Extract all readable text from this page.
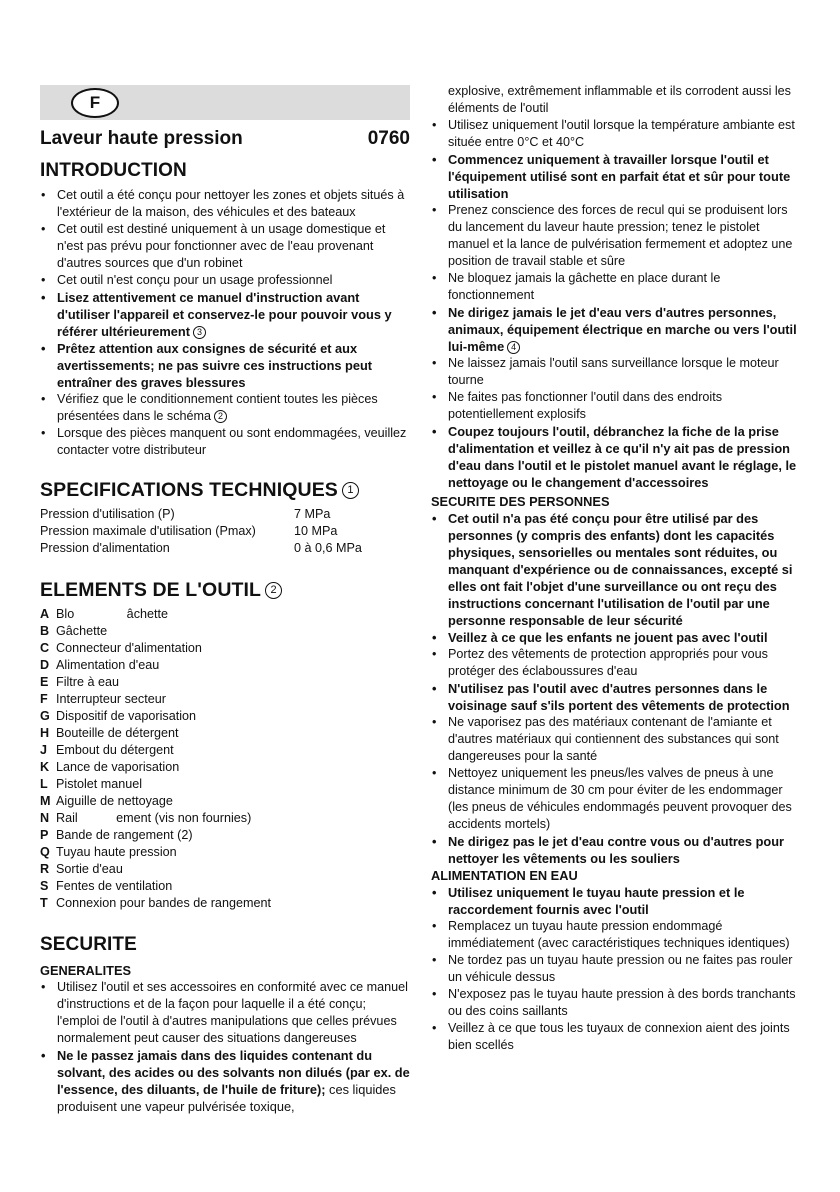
F
Laveur haute pression	0760
INTRODUCTION
• Cet outil a été conçu pour nettoyer les zones et objets situés à l'extérieur de la maison, des véhicules et des bateaux
• Cet outil est destiné uniquement à un usage domestique et n'est pas prévu pour fonctionner avec de l'eau provenant d'autres sources que d'un robinet
• Cet outil n'est conçu pour un usage professionnel
• Lisez attentivement ce manuel d'instruction avant d'utiliser l'appareil et conservez-le pour pouvoir vous y référer ultérieurement 3
• Prêtez attention aux consignes de sécurité et aux avertissements; ne pas suivre ces instructions peut entraîner des graves blessures
• Vérifiez que le conditionnement contient toutes les pièces présentées dans le schéma 2
• Lorsque des pièces manquent ou sont endommagées, veuillez contacter votre distributeur
SPECIFICATIONS TECHNIQUES 1
Pression d'utilisation (P)	7 MPa
Pression maximale d'utilisation (Pmax)	10 MPa
Pression d'alimentation	0 à 0,6 MPa
ELEMENTS DE L'OUTIL 2
A Blo               âchette
B Gâchette
C Connecteur d'alimentation
D Alimentation d'eau
E Filtre à eau
F Interrupteur secteur
G Dispositif de vaporisation
H Bouteille de détergent
J Embout du détergent
K Lance de vaporisation
L Pistolet manuel
M Aiguille de nettoyage
N Rail           ement (vis non fournies)
P Bande de rangement (2)
Q Tuyau haute pression
R Sortie d'eau
S Fentes de ventilation
T Connexion pour bandes de rangement
SECURITE
GENERALITES
• Utilisez l'outil et ses accessoires en conformité avec ce manuel d'instructions et de la façon pour laquelle il a été conçu; l'emploi de l'outil à d'autres manipulations que celles prévues normalement peut causer des situations dangereuses
• Ne le passez jamais dans des liquides contenant du solvant, des acides ou des solvants non dilués (par ex. de l'essence, des diluants, de l'huile de friture); ces liquides produisent une vapeur pulvérisée toxique,
explosive, extrêmement inflammable et ils corrodent aussi les éléments de l'outil
• Utilisez uniquement l'outil lorsque la température ambiante est située entre 0°C et 40°C
• Commencez uniquement à travailler lorsque l'outil et l'équipement utilisé sont en parfait état et sûr pour toute utilisation
• Prenez conscience des forces de recul qui se produisent lors du lancement du laveur haute pression; tenez le pistolet manuel et la lance de pulvérisation fermement et adoptez une position de travail stable et sûre
• Ne bloquez jamais la gâchette en place durant le fonctionnement
• Ne dirigez jamais le jet d'eau vers d'autres personnes, animaux, équipement électrique en marche ou vers l'outil lui-même 4
• Ne laissez jamais l'outil sans surveillance lorsque le moteur tourne
• Ne faites pas fonctionner l'outil dans des endroits potentiellement explosifs
• Coupez toujours l'outil, débranchez la fiche de la prise d'alimentation et veillez à ce qu'il n'y ait pas de pression d'eau dans l'outil et le pistolet manuel avant le réglage, le nettoyage ou le changement d'accessoires
SECURITE DES PERSONNES
• Cet outil n'a pas été conçu pour être utilisé par des personnes (y compris des enfants) dont les capacités physiques, sensorielles ou mentales sont réduites, ou manquant d'expérience ou de connaissances, excepté si elles ont fait l'objet d'une surveillance ou ont reçu des instructions concernant l'utilisation de l'outil par une personne responsable de leur sécurité
• Veillez à ce que les enfants ne jouent pas avec l'outil
• Portez des vêtements de protection appropriés pour vous protéger des éclaboussures d'eau
• N'utilisez pas l'outil avec d'autres personnes dans le voisinage sauf s'ils portent des vêtements de protection
• Ne vaporisez pas des matériaux contenant de l'amiante et d'autres matériaux qui contiennent des substances qui sont dangereuses pour la santé
• Nettoyez uniquement les pneus/les valves de pneus à une distance minimum de 30 cm pour éviter de les endommager (les pneus de véhicules endommagés peuvent provoquer des accidents mortels)
• Ne dirigez pas le jet d'eau contre vous ou d'autres pour nettoyer les vêtements ou les souliers
ALIMENTATION EN EAU
• Utilisez uniquement le tuyau haute pression et le raccordement fournis avec l'outil
• Remplacez un tuyau haute pression endommagé immédiatement (avec caractéristiques techniques identiques)
• Ne tordez pas un tuyau haute pression ou ne faites pas rouler un véhicule dessus
• N'exposez pas le tuyau haute pression à des bords tranchants ou des coins saillants
• Veillez à ce que tous les tuyaux de connexion aient des joints bien scellés
